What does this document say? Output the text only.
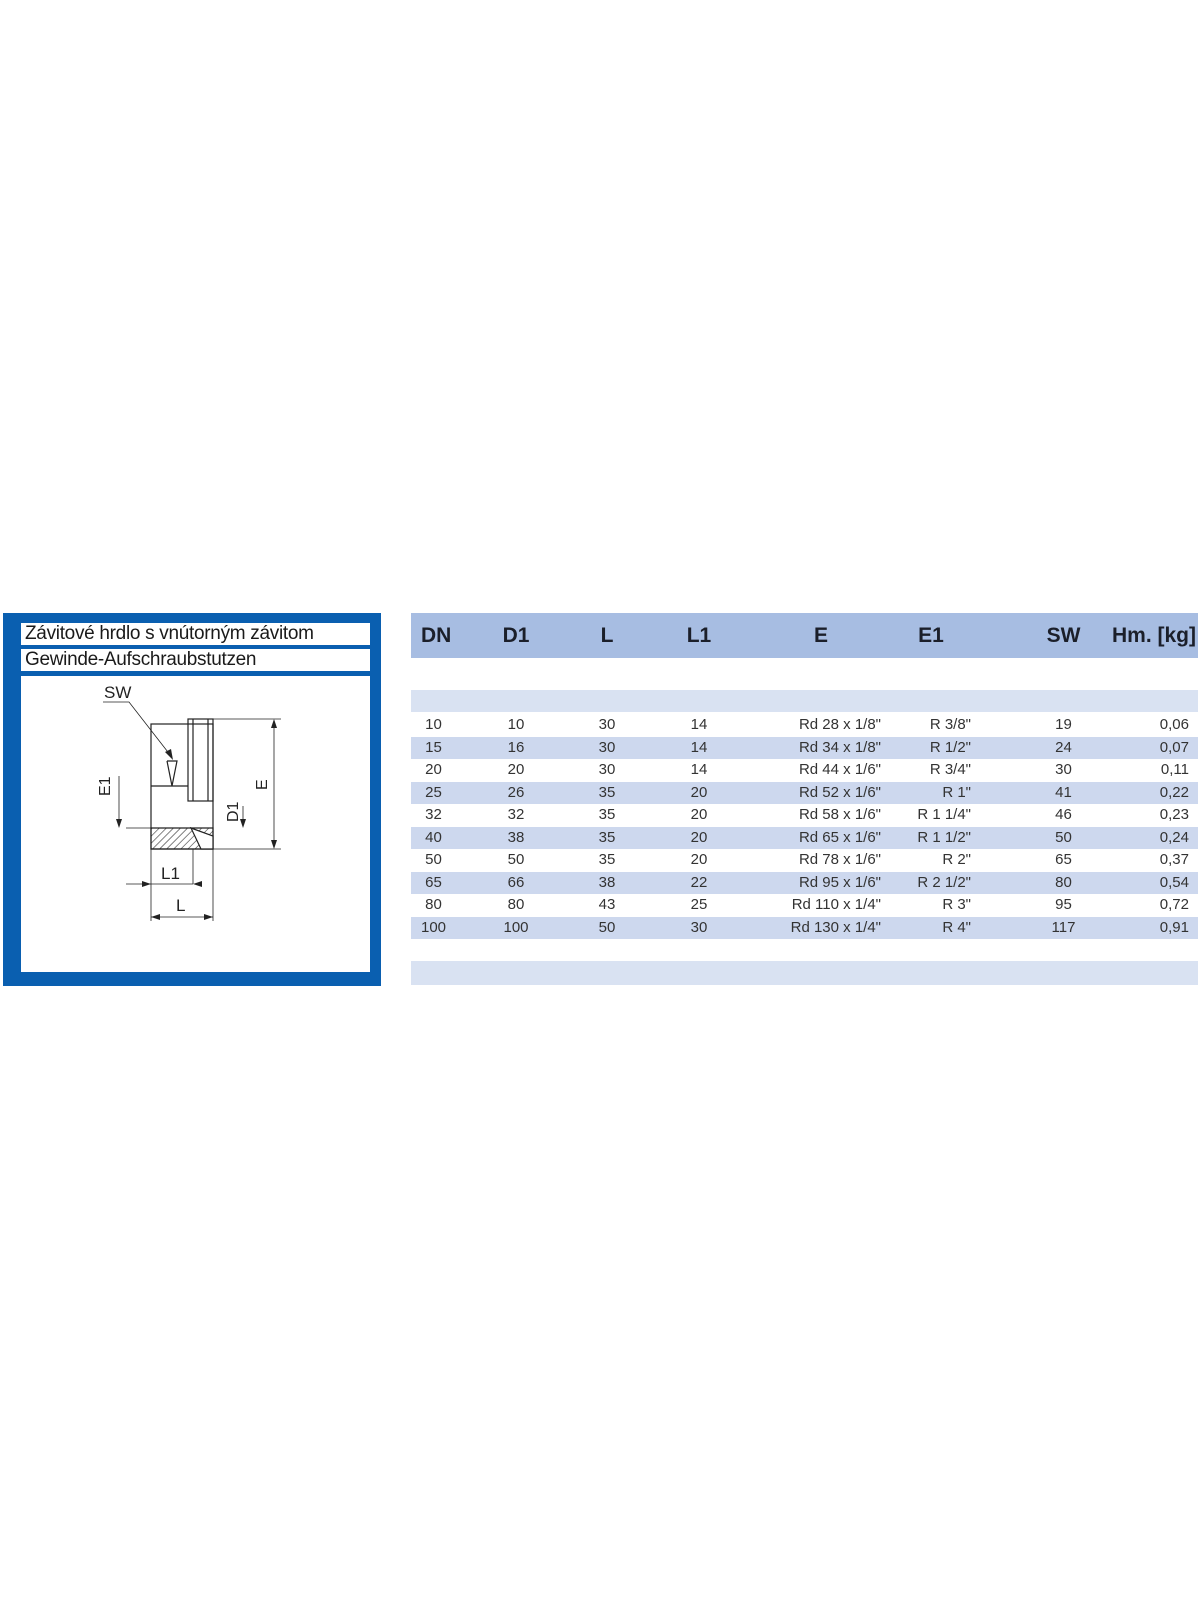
Závitové hrdlo s vnútorným závitom
Gewinde-Aufschraubstutzen
SW
E1
D1
E
L1
L
DN	D1	L	L1	E	E1	SW	Hm. [kg]
10	10	30	14	Rd 28 x 1/8"	R 3/8"	19	0,06
15	16	30	14	Rd 34 x 1/8"	R 1/2"	24	0,07
20	20	30	14	Rd 44 x 1/6"	R 3/4"	30	0,11
25	26	35	20	Rd 52 x 1/6"	R 1"	41	0,22
32	32	35	20	Rd 58 x 1/6"	R 1 1/4"	46	0,23
40	38	35	20	Rd 65 x 1/6"	R 1 1/2"	50	0,24
50	50	35	20	Rd 78 x 1/6"	R 2"	65	0,37
65	66	38	22	Rd 95 x 1/6"	R 2 1/2"	80	0,54
80	80	43	25	Rd 110 x 1/4"	R 3"	95	0,72
100	100	50	30	Rd 130 x 1/4"	R 4"	117	0,91
